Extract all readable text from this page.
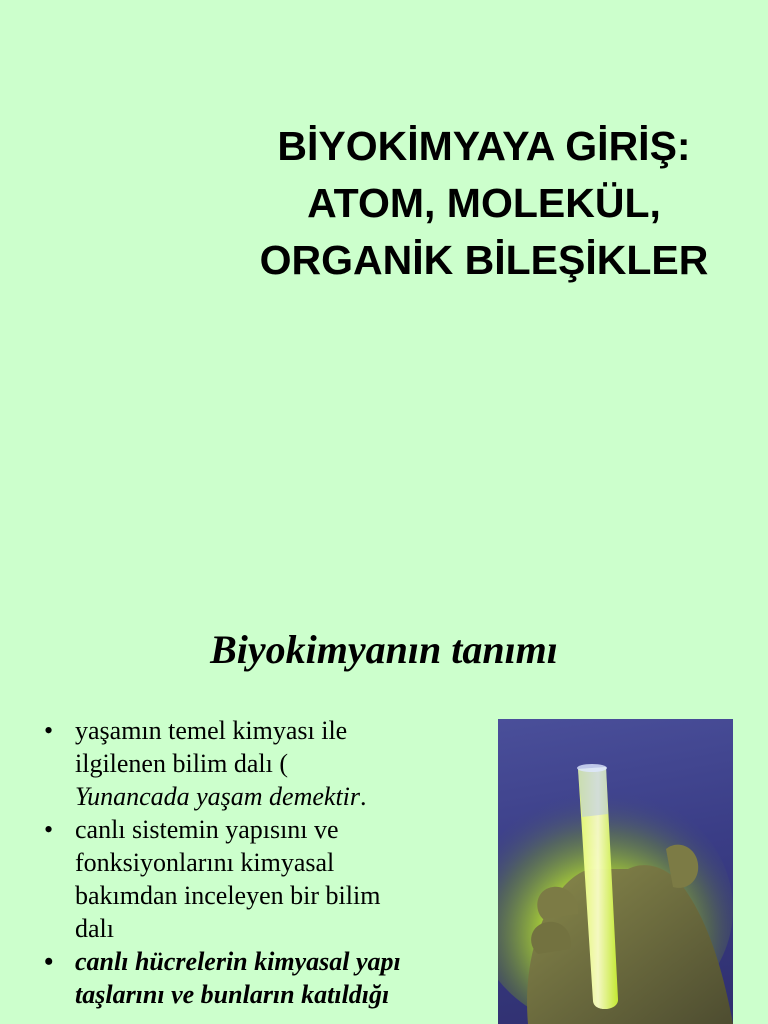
BİYOKİMYAYA GİRİŞ:
ATOM, MOLEKÜL,
ORGANİK BİLEŞİKLER
Biyokimyanın tanımı
• yaşamın temel kimyası ile
ilgilenen bilim dalı (
Yunancada yaşam demektir.
• canlı sistemin yapısını ve
fonksiyonlarını kimyasal
bakımdan inceleyen bir bilim
dalı
• canlı hücrelerin kimyasal yapı
taşlarını ve bunların katıldığı
